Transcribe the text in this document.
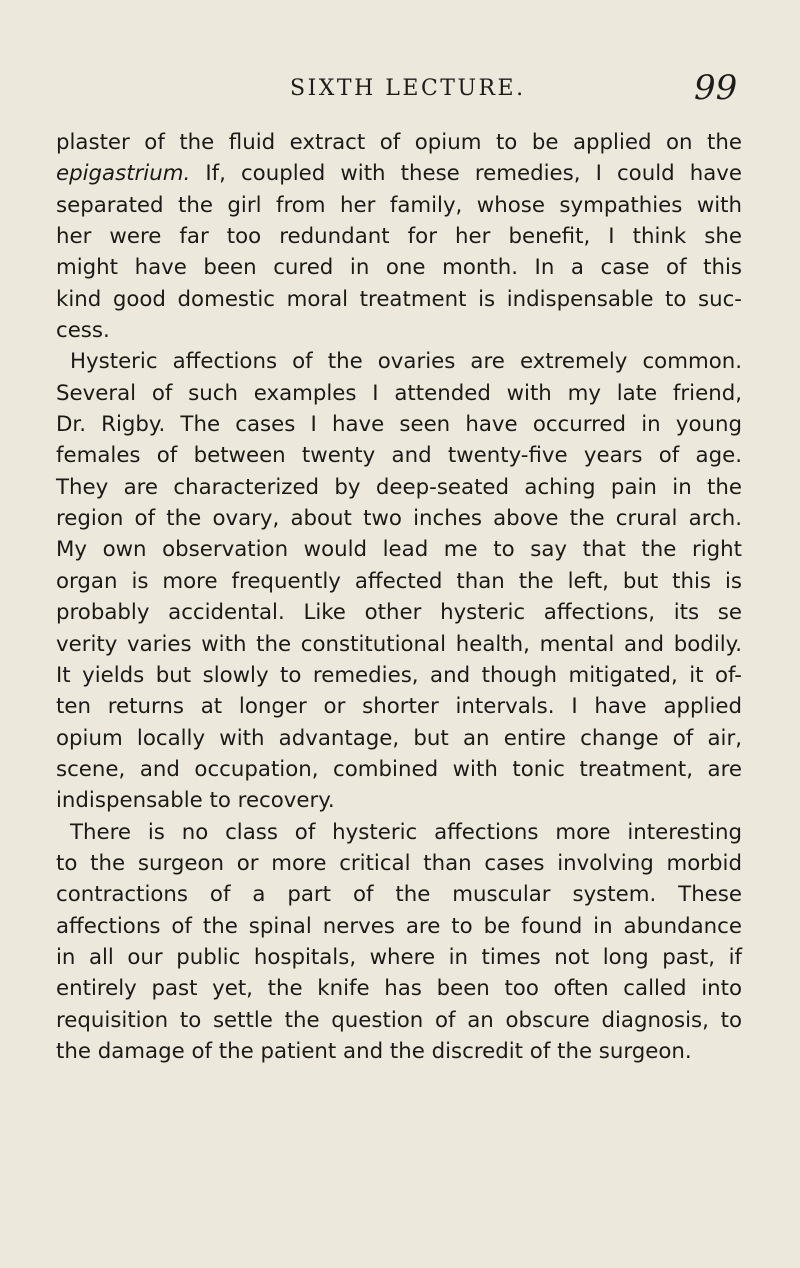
SIXTH LECTURE.	99
plaster of the fluid extract of opium to be applied on the
epigastrium. If, coupled with these remedies, I could have
separated the girl from her family, whose sympathies with
her were far too redundant for her benefit, I think she
might have been cured in one month. In a case of this
kind good domestic moral treatment is indispensable to suc-
cess.
Hysteric affections of the ovaries are extremely common.
Several of such examples I attended with my late friend,
Dr. Rigby. The cases I have seen have occurred in young
females of between twenty and twenty-five years of age.
They are characterized by deep-seated aching pain in the
region of the ovary, about two inches above the crural arch.
My own observation would lead me to say that the right
organ is more frequently affected than the left, but this is
probably accidental. Like other hysteric affections, its se
verity varies with the constitutional health, mental and bodily.
It yields but slowly to remedies, and though mitigated, it of-
ten returns at longer or shorter intervals. I have applied
opium locally with advantage, but an entire change of air,
scene, and occupation, combined with tonic treatment, are
indispensable to recovery.
There is no class of hysteric affections more interesting
to the surgeon or more critical than cases involving morbid
contractions of a part of the muscular system. These
affections of the spinal nerves are to be found in abundance
in all our public hospitals, where in times not long past, if
entirely past yet, the knife has been too often called into
requisition to settle the question of an obscure diagnosis, to
the damage of the patient and the discredit of the surgeon.
